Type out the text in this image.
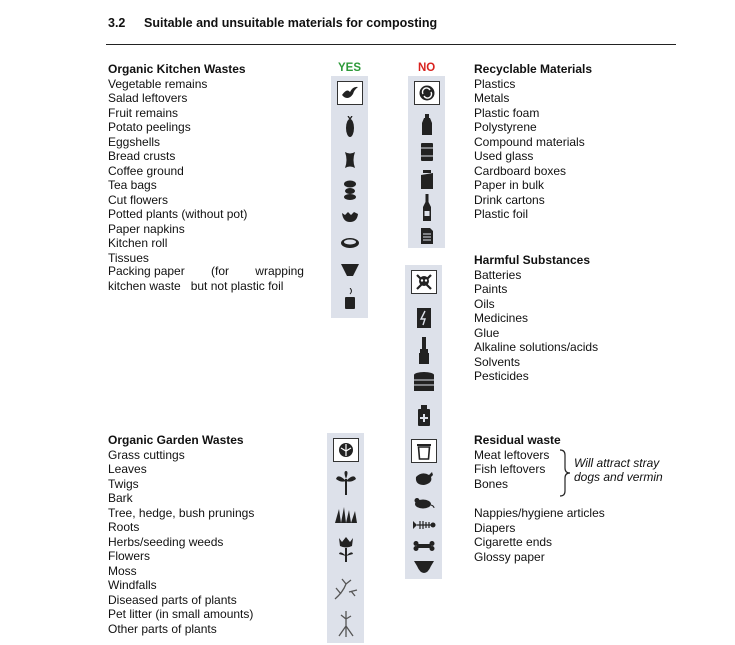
3.2 Suitable and unsuitable materials for composting
Organic Kitchen Wastes
Vegetable remains
Salad leftovers
Fruit remains
Potato peelings
Eggshells
Bread crusts
Coffee ground
Tea bags
Cut flowers
Potted plants (without pot)
Paper napkins
Kitchen roll
Tissues
Packing paper (for wrapping
kitchen waste   but not plastic foil
Organic Garden Wastes
Grass cuttings
Leaves
Twigs
Bark
Tree, hedge, bush prunings
Roots
Herbs/seeding weeds
Flowers
Moss
Windfalls
Diseased parts of plants
Pet litter (in small amounts)
Other parts of plants
YES	NO	Recyclable Materials
Plastics
Metals
Plastic foam
Polystyrene
Compound materials
Used glass
Cardboard boxes
Paper in bulk
Drink cartons
Plastic foil
Harmful Substances
Batteries
Paints
Oils
Medicines
Glue
Alkaline solutions/acids
Solvents
Pesticides
Residual waste
Meat leftovers
Fish leftovers
Bones
Nappies/hygiene articles
Diapers
Cigarette ends
Glossy paper
Will attract stray
dogs and vermin
